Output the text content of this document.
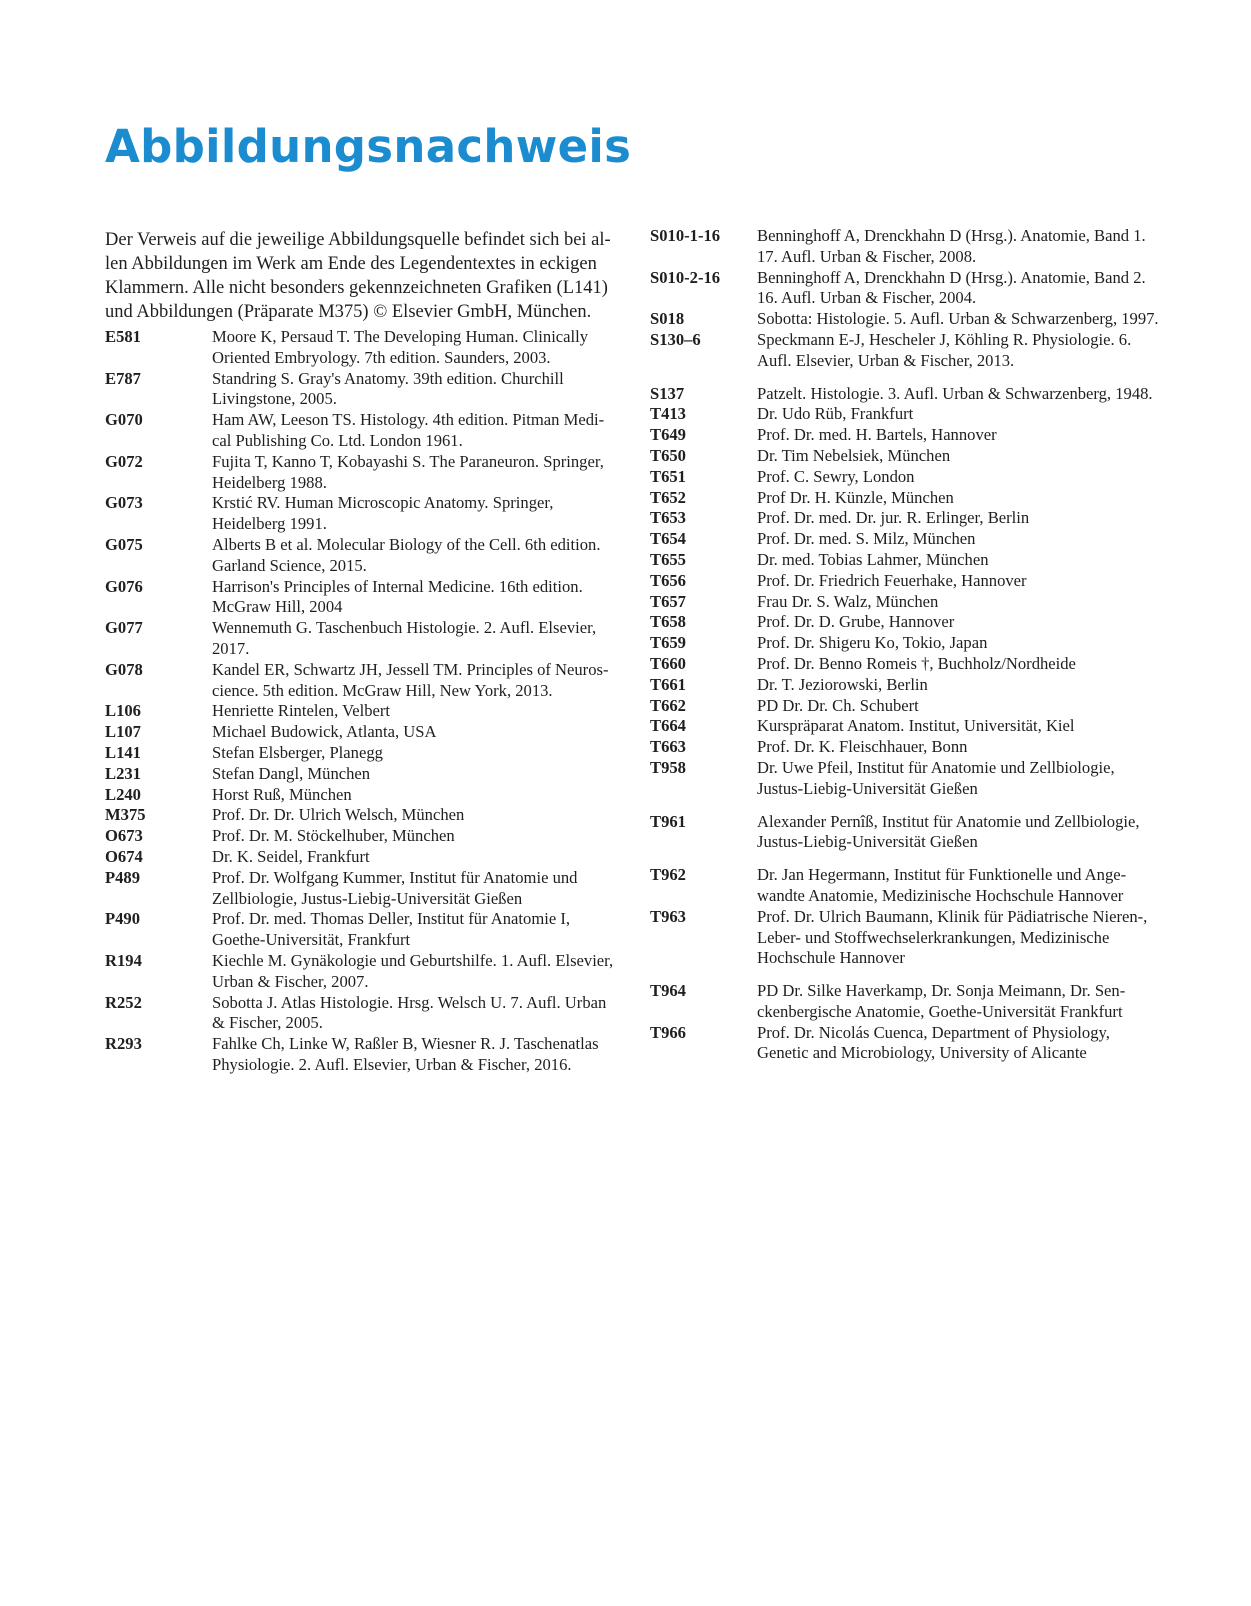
Abbildungsnachweis
Der Verweis auf die jeweilige Abbildungsquelle befindet sich bei al-
len Abbildungen im Werk am Ende des Legendentextes in eckigen
Klammern. Alle nicht besonders gekennzeichneten Grafiken (L141)
und Abbildungen (Präparate M375) © Elsevier GmbH, München.
E581	Moore K, Persaud T. The Developing Human. Clinically
Oriented Embryology. 7th edition. Saunders, 2003.
E787	Standring S. Gray's Anatomy. 39th edition. Churchill
Livingstone, 2005.
G070	Ham AW, Leeson TS. Histology. 4th edition. Pitman Medi-
cal Publishing Co. Ltd. London 1961.
G072	Fujita T, Kanno T, Kobayashi S. The Paraneuron. Springer,
Heidelberg 1988.
G073	Krstić RV. Human Microscopic Anatomy. Springer,
Heidelberg 1991.
G075	Alberts B et al. Molecular Biology of the Cell. 6th edition.
Garland Science, 2015.
G076	Harrison's Principles of Internal Medicine. 16th edition.
McGraw Hill, 2004
G077	Wennemuth G. Taschenbuch Histologie. 2. Aufl. Elsevier,
2017.
G078	Kandel ER, Schwartz JH, Jessell TM. Principles of Neuros-
cience. 5th edition. McGraw Hill, New York, 2013.
L106	Henriette Rintelen, Velbert
L107	Michael Budowick, Atlanta, USA
L141	Stefan Elsberger, Planegg
L231	Stefan Dangl, München
L240	Horst Ruß, München
M375	Prof. Dr. Dr. Ulrich Welsch, München
O673	Prof. Dr. M. Stöckelhuber, München
O674	Dr. K. Seidel, Frankfurt
P489	Prof. Dr. Wolfgang Kummer, Institut für Anatomie und
Zellbiologie, Justus-Liebig-Universität Gießen
P490	Prof. Dr. med. Thomas Deller, Institut für Anatomie I,
Goethe-Universität, Frankfurt
R194	Kiechle M. Gynäkologie und Geburtshilfe. 1. Aufl. Elsevier,
Urban & Fischer, 2007.
R252	Sobotta J. Atlas Histologie. Hrsg. Welsch U. 7. Aufl. Urban
& Fischer, 2005.
R293	Fahlke Ch, Linke W, Raßler B, Wiesner R. J. Taschenatlas
Physiologie. 2. Aufl. Elsevier, Urban & Fischer, 2016.
S010-1-16	Benninghoff A, Drenckhahn D (Hrsg.). Anatomie, Band 1.
17. Aufl. Urban & Fischer, 2008.
S010-2-16	Benninghoff A, Drenckhahn D (Hrsg.). Anatomie, Band 2.
16. Aufl. Urban & Fischer, 2004.
S018	Sobotta: Histologie. 5. Aufl. Urban & Schwarzenberg, 1997.
S130–6	Speckmann E-J, Hescheler J, Köhling R. Physiologie. 6.
Aufl. Elsevier, Urban & Fischer, 2013.
S137	Patzelt. Histologie. 3. Aufl. Urban & Schwarzenberg, 1948.
T413	Dr. Udo Rüb, Frankfurt
T649	Prof. Dr. med. H. Bartels, Hannover
T650	Dr. Tim Nebelsiek, München
T651	Prof. C. Sewry, London
T652	Prof Dr. H. Künzle, München
T653	Prof. Dr. med. Dr. jur. R. Erlinger, Berlin
T654	Prof. Dr. med. S. Milz, München
T655	Dr. med. Tobias Lahmer, München
T656	Prof. Dr. Friedrich Feuerhake, Hannover
T657	Frau Dr. S. Walz, München
T658	Prof. Dr. D. Grube, Hannover
T659	Prof. Dr. Shigeru Ko, Tokio, Japan
T660	Prof. Dr. Benno Romeis †, Buchholz/Nordheide
T661	Dr. T. Jeziorowski, Berlin
T662	PD Dr. Dr. Ch. Schubert
T664	Kurspräparat Anatom. Institut, Universität, Kiel
T663	Prof. Dr. K. Fleischhauer, Bonn
T958	Dr. Uwe Pfeil, Institut für Anatomie und Zellbiologie,
Justus-Liebig-Universität Gießen
T961	Alexander Pernîß, Institut für Anatomie und Zellbiologie,
Justus-Liebig-Universität Gießen
T962	Dr. Jan Hegermann, Institut für Funktionelle und Ange-
wandte Anatomie, Medizinische Hochschule Hannover
T963	Prof. Dr. Ulrich Baumann, Klinik für Pädiatrische Nieren-,
Leber- und Stoffwechselerkrankungen, Medizinische
Hochschule Hannover
T964	PD Dr. Silke Haverkamp, Dr. Sonja Meimann, Dr. Sen-
ckenbergische Anatomie, Goethe-Universität Frankfurt
T966	Prof. Dr. Nicolás Cuenca, Department of Physiology,
Genetic and Microbiology, University of Alicante
